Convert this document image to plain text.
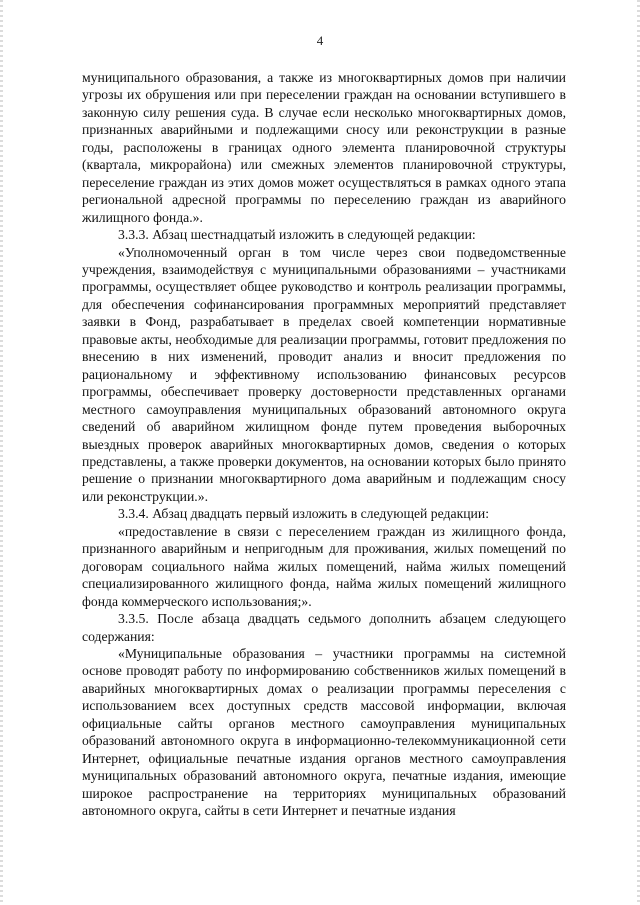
4

муниципального образования, а также из многоквартирных домов при наличии угрозы их обрушения или при переселении граждан на основании вступившего в законную силу решения суда. В случае если несколько многоквартирных домов, признанных аварийными и подлежащими сносу или реконструкции в разные годы, расположены в границах одного элемента планировочной структуры (квартала, микрорайона) или смежных элементов планировочной структуры, переселение граждан из этих домов может осуществляться в рамках одного этапа региональной адресной программы по переселению граждан из аварийного жилищного фонда.».

3.3.3. Абзац шестнадцатый изложить в следующей редакции:

«Уполномоченный орган в том числе через свои подведомственные учреждения, взаимодействуя с муниципальными образованиями – участниками программы, осуществляет общее руководство и контроль реализации программы, для обеспечения софинансирования программных мероприятий представляет заявки в Фонд, разрабатывает в пределах своей компетенции нормативные правовые акты, необходимые для реализации программы, готовит предложения по внесению в них изменений, проводит анализ и вносит предложения по рациональному и эффективному использованию финансовых ресурсов программы, обеспечивает проверку достоверности представленных органами местного самоуправления муниципальных образований автономного округа сведений об аварийном жилищном фонде путем проведения выборочных выездных проверок аварийных многоквартирных домов, сведения о которых представлены, а также проверки документов, на основании которых было принято решение о признании многоквартирного дома аварийным и подлежащим сносу или реконструкции.».

3.3.4. Абзац двадцать первый изложить в следующей редакции:

«предоставление в связи с переселением граждан из жилищного фонда, признанного аварийным и непригодным для проживания, жилых помещений по договорам социального найма жилых помещений, найма жилых помещений специализированного жилищного фонда, найма жилых помещений жилищного фонда коммерческого использования;».

3.3.5. После абзаца двадцать седьмого дополнить абзацем следующего содержания:

«Муниципальные образования – участники программы на системной основе проводят работу по информированию собственников жилых помещений в аварийных многоквартирных домах о реализации программы переселения с использованием всех доступных средств массовой информации, включая официальные сайты органов местного самоуправления муниципальных образований автономного округа в информационно-телекоммуникационной сети Интернет, официальные печатные издания органов местного самоуправления муниципальных образований автономного округа, печатные издания, имеющие широкое распространение на территориях муниципальных образований автономного округа, сайты в сети Интернет и печатные издания
